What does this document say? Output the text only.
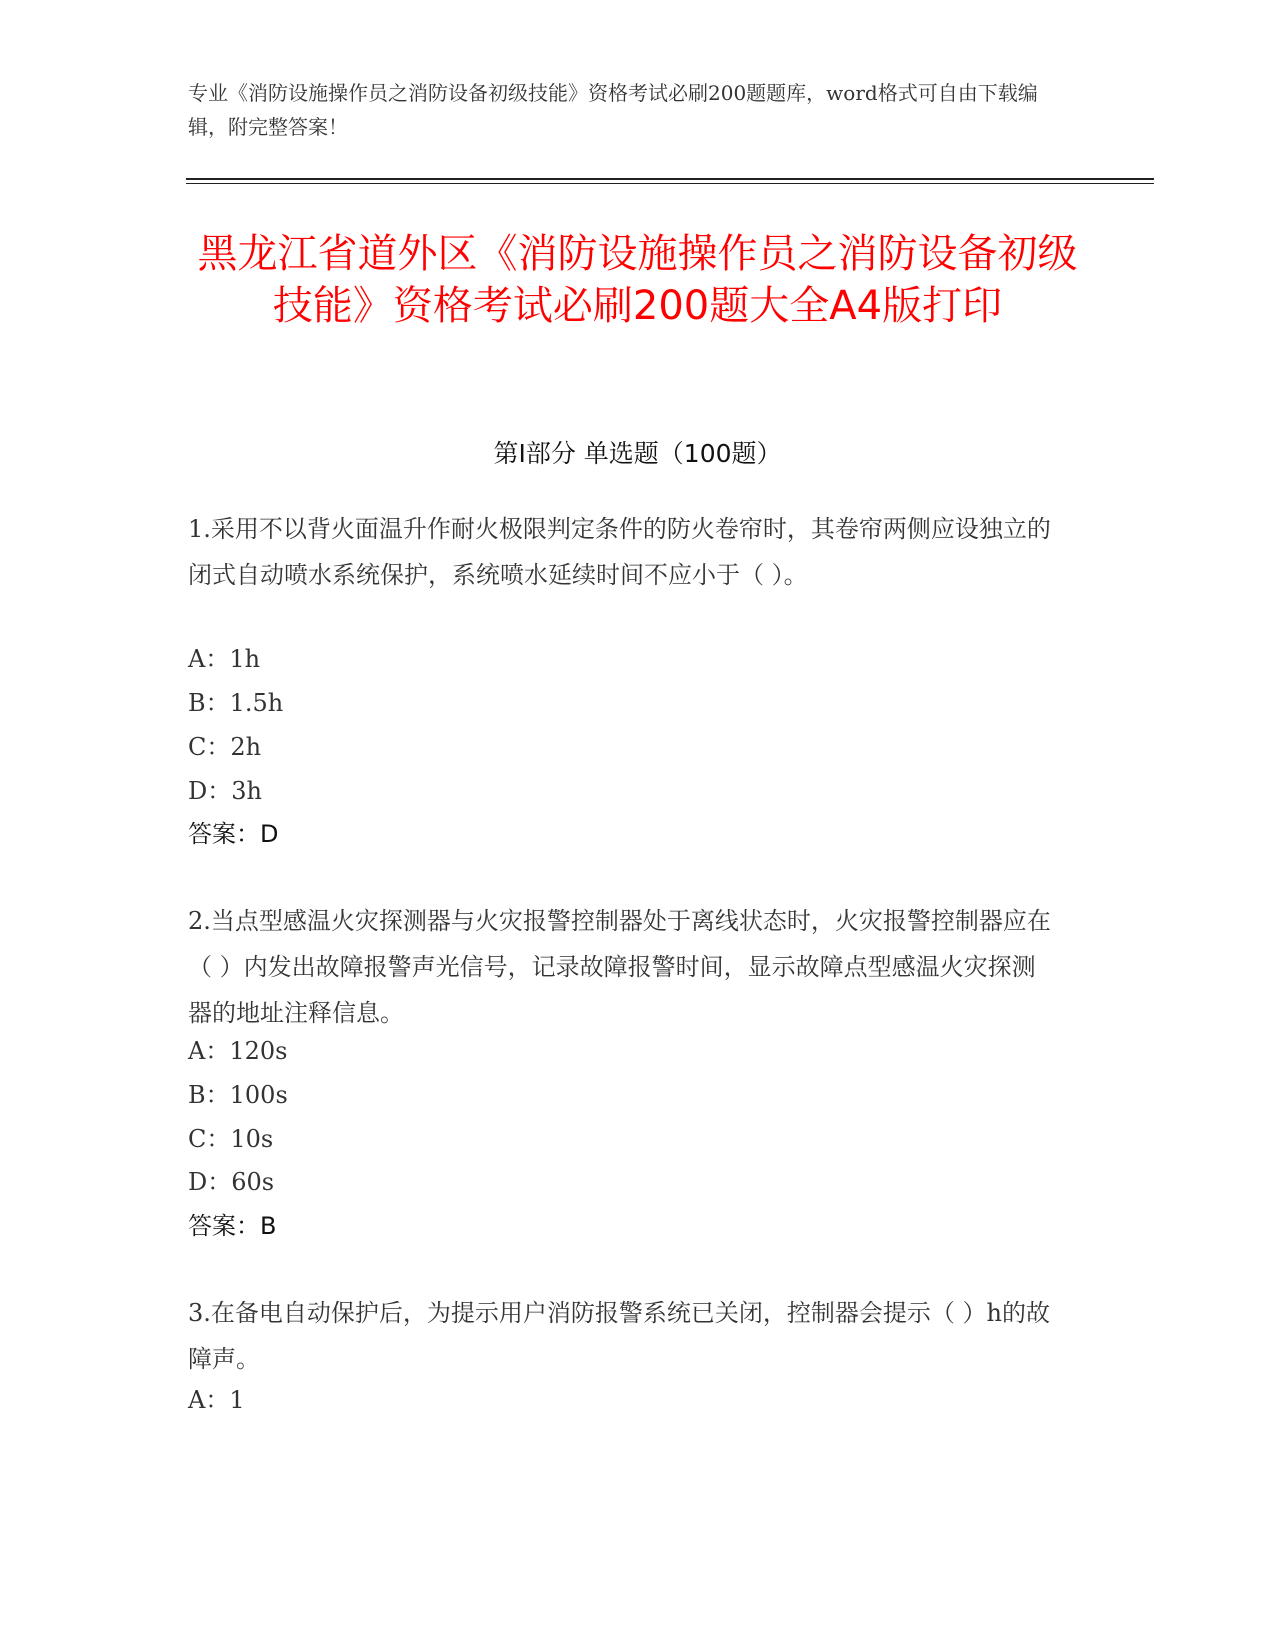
专业《消防设施操作员之消防设备初级技能》资格考试必刷200题题库，word格式可自由下载编辑，附完整答案！

黑龙江省道外区《消防设施操作员之消防设备初级技能》资格考试必刷200题大全A4版打印
第I部分 单选题（100题）

1.采用不以背火面温升作耐火极限判定条件的防火卷帘时，其卷帘两侧应设独立的闭式自动喷水系统保护，系统喷水延续时间不应小于（ ）。

A：1h

B：1.5h

C：2h

D：3h

答案：D

2.当点型感温火灾探测器与火灾报警控制器处于离线状态时，火灾报警控制器应在（ ）内发出故障报警声光信号，记录故障报警时间，显示故障点型感温火灾探测器的地址注释信息。

A：120s

B：100s

C：10s

D：60s

答案：B

3.在备电自动保护后，为提示用户消防报警系统已关闭，控制器会提示（ ）h的故障声。

A：1
